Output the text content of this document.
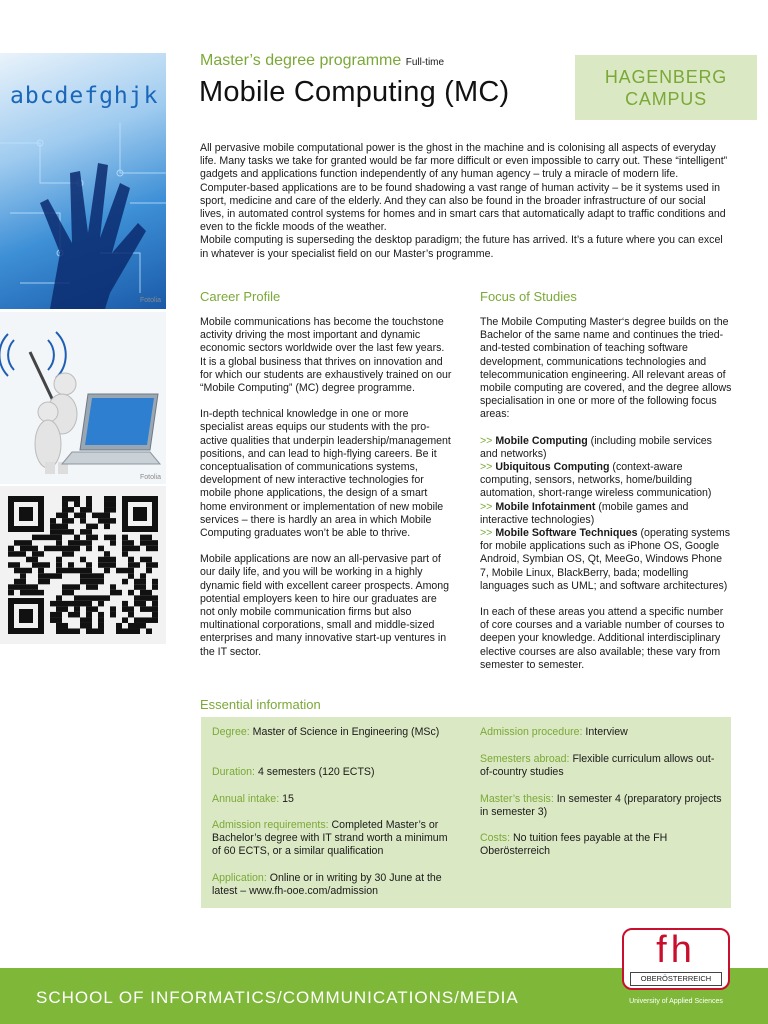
abcdefghjk
Fotolia
Fotolia
Master’s degree programme Full-time
Mobile Computing (MC)	HAGENBERG
CAMPUS

All pervasive mobile computational power is the ghost in the machine and is colonising all aspects of everyday life. Many tasks we take for granted would be far more difficult or even impossible to carry out. These “intelligent” gadgets and applications function independently of any human agency – truly a miracle of modern life.

Computer-based applications are to be found shadowing a vast range of human activity – be it systems used in sport, medicine and care of the elderly. And they can also be found in the broader infrastructure of our social lives, in automated control systems for homes and in smart cars that automatically adapt to traffic conditions and even to the fickle moods of the weather.

Mobile computing is superseding the desktop paradigm; the future has arrived. It’s a future where you can excel in whatever is your specialist field on our Master’s programme.

Career Profile	Focus of Studies

Mobile communications has become the touchstone activity driving the most important and dynamic economic sectors worldwide over the last few years. It is a global business that thrives on innovation and for which our students are exhaustively trained on our “Mobile Computing” (MC) degree programme.

In-depth technical knowledge in one or more specialist areas equips our students with the pro-active qualities that underpin leadership/management positions, and can lead to high-flying careers. Be it conceptualisation of communications systems, development of new interactive technologies for mobile phone applications, the design of a smart home environment or implementation of new mobile services – there is hardly an area in which Mobile Computing graduates won’t be able to thrive.

Mobile applications are now an all-pervasive part of our daily life, and you will be working in a highly dynamic field with excellent career prospects. Among potential employers keen to hire our graduates are not only mobile communication firms but also multinational corporations, small and middle-sized enterprises and many innovative start-up ventures in the IT sector.

The Mobile Computing Master‘s degree builds on the Bachelor of the same name and continues the tried-and-tested combination of teaching software development, communications technologies and telecommunication engineering. All relevant areas of mobile computing are covered, and the degree allows specialisation in one or more of the following focus areas:

>> Mobile Computing (including mobile services and networks)
>> Ubiquitous Computing (context-aware computing, sensors, networks, home/building automation, short-range wireless communication)
>> Mobile Infotainment (mobile games and interactive technologies)
>> Mobile Software Techniques (operating systems for mobile applications such as iPhone OS, Google Android, Symbian OS, Qt, MeeGo, Windows Phone 7, Mobile Linux, BlackBerry, bada; modelling languages such as UML; and software architectures)

In each of these areas you attend a specific number of core courses and a variable number of courses to deepen your knowledge. Additional interdisciplinary elective courses are also available; these vary from semester to semester.

Essential information
Degree: Master of Science in Engineering (MSc)
Duration: 4 semesters (120 ECTS)
Annual intake: 15
Admission requirements: Completed Master’s or Bachelor’s degree with IT strand worth a minimum of 60 ECTS, or a similar qualification
Application: Online or in writing by 30 June at the latest – www.fh-ooe.com/admission
Admission procedure: Interview
Semesters abroad: Flexible curriculum allows out-of-country studies
Master’s thesis: In semester 4 (preparatory projects in semester 3)
Costs: No tuition fees payable at the FH Oberösterreich
SCHOOL OF INFORMATICS/COMMUNICATIONS/MEDIA
fh
OBERÖSTERREICH
University of Applied Sciences
